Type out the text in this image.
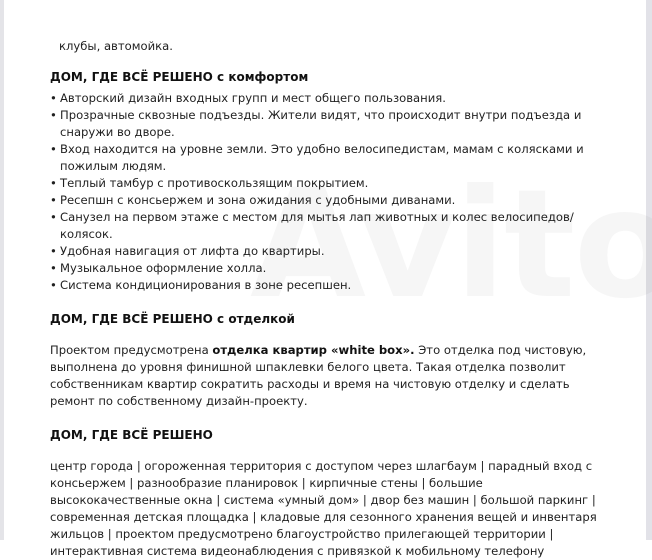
клубы, автомойка.

ДОМ, ГДЕ ВСЁ РЕШЕНО с комфортом
• Авторский дизайн входных групп и мест общего пользования.
• Прозрачные сквозные подъезды. Жители видят, что происходит внутри подъезда и снаружи во дворе.
• Вход находится на уровне земли. Это удобно велосипедистам, мамам с колясками и пожилым людям.
• Теплый тамбур с противоскользящим покрытием.
• Ресепшн с консьержем и зона ожидания с удобными диванами.
• Санузел на первом этаже с местом для мытья лап животных и колес велосипедов/колясок.
• Удобная навигация от лифта до квартиры.
• Музыкальное оформление холла.
• Система кондиционирования в зоне ресепшен.
ДОМ, ГДЕ ВСЁ РЕШЕНО с отделкой

Проектом предусмотрена отделка квартир «white box». Это отделка под чистовую, выполнена до уровня финишной шпаклевки белого цвета. Такая отделка позволит собственникам квартир сократить расходы и время на чистовую отделку и сделать ремонт по собственному дизайн-проекту.

ДОМ, ГДЕ ВСЁ РЕШЕНО

центр города | огороженная территория с доступом через шлагбаум | парадный вход с консьержем | разнообразие планировок | кирпичные стены | большие высококачественные окна | система «умный дом» | двор без машин | большой паркинг | современная детская площадка | кладовые для сезонного хранения вещей и инвентаря жильцов | проектом предусмотрено благоустройство прилегающей территории | интерактивная система видеонаблюдения с привязкой к мобильному телефону
